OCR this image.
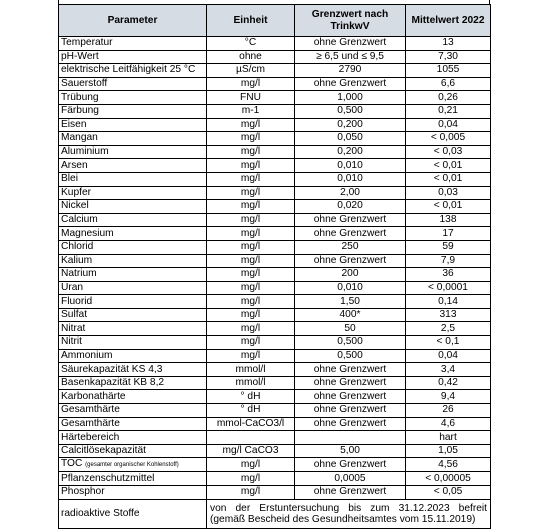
Parameter	Einheit	Grenzwert nach TrinkwV	Mittelwert 2022
Temperatur	°C	ohne Grenzwert	13
pH-Wert	ohne	≥ 6,5 und ≤ 9,5	7,30
elektrische Leitfähigkeit 25 °C	µS/cm	2790	1055
Sauerstoff	mg/l	ohne Grenzwert	6,6
Trübung	FNU	1,000	0,26
Färbung	m-1	0,500	0,21
Eisen	mg/l	0,200	0,04
Mangan	mg/l	0,050	< 0,005
Aluminium	mg/l	0,200	< 0,03
Arsen	mg/l	0,010	< 0,01
Blei	mg/l	0,010	< 0,01
Kupfer	mg/l	2,00	0,03
Nickel	mg/l	0,020	< 0,01
Calcium	mg/l	ohne Grenzwert	138
Magnesium	mg/l	ohne Grenzwert	17
Chlorid	mg/l	250	59
Kalium	mg/l	ohne Grenzwert	7,9
Natrium	mg/l	200	36
Uran	mg/l	0,010	< 0,0001
Fluorid	mg/l	1,50	0,14
Sulfat	mg/l	400*	313
Nitrat	mg/l	50	2,5
Nitrit	mg/l	0,500	< 0,1
Ammonium	mg/l	0,500	0,04
Säurekapazität KS 4,3	mmol/l	ohne Grenzwert	3,4
Basenkapazität KB 8,2	mmol/l	ohne Grenzwert	0,42
Karbonathärte	° dH	ohne Grenzwert	9,4
Gesamthärte	° dH	ohne Grenzwert	26
Gesamthärte	mmol-CaCO3/l	ohne Grenzwert	4,6
Härtebereich			hart
Calcitlösekapazität	mg/l CaCO3	5,00	1,05
TOC (gesamter organischer Kohlenstoff)	mg/l	ohne Grenzwert	4,56
Pflanzenschutzmittel	mg/l	0,0005	< 0,00005
Phosphor	mg/l	ohne Grenzwert	< 0,05
radioaktive Stoffe	von der Erstuntersuchung bis zum 31.12.2023 befreit (gemäß Bescheid des Gesundheitsamtes vom 15.11.2019)		
